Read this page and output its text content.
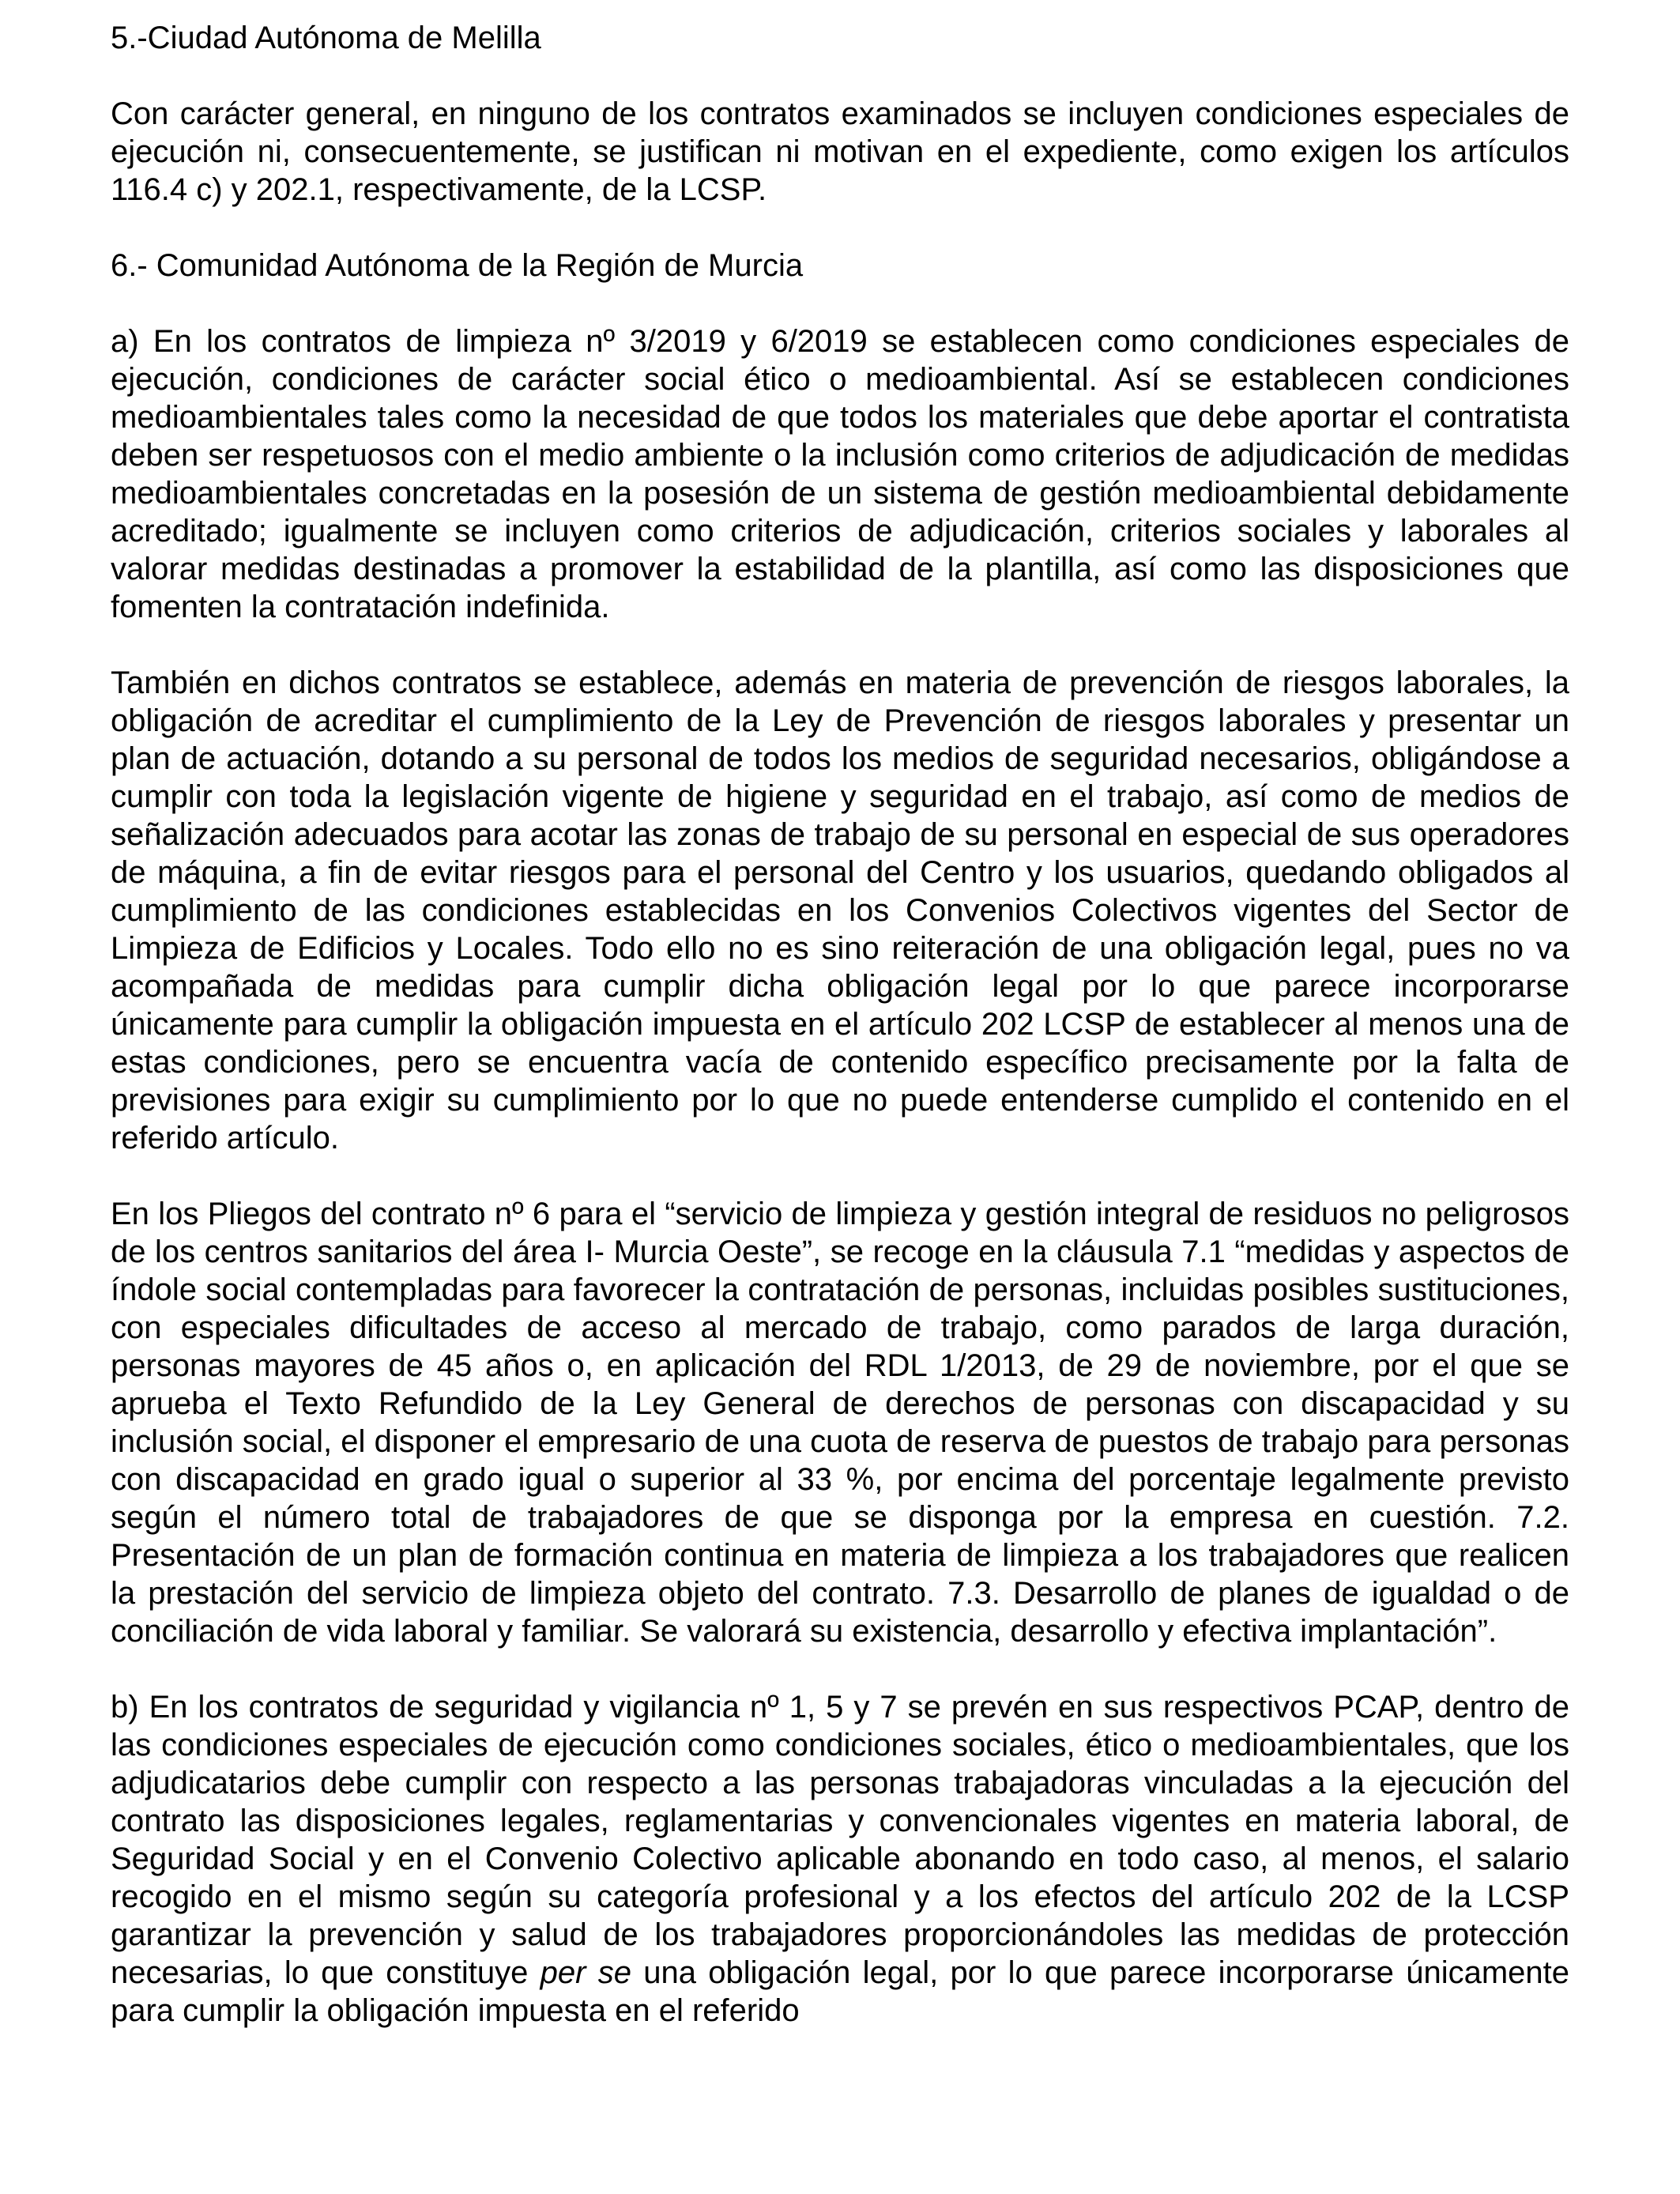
5.-Ciudad Autónoma de Melilla

Con carácter general, en ninguno de los contratos examinados se incluyen condiciones especiales de ejecución ni, consecuentemente, se justifican ni motivan en el expediente, como exigen los artículos 116.4 c) y 202.1, respectivamente, de la LCSP.

6.- Comunidad Autónoma de la Región de Murcia

a) En los contratos de limpieza nº 3/2019 y 6/2019 se establecen como condiciones especiales de ejecución, condiciones de carácter social ético o medioambiental. Así se establecen condiciones medioambientales tales como la necesidad de que todos los materiales que debe aportar el contratista deben ser respetuosos con el medio ambiente o la inclusión como criterios de adjudicación de medidas medioambientales concretadas en la posesión de un sistema de gestión medioambiental debidamente acreditado; igualmente se incluyen como criterios de adjudicación, criterios sociales y laborales al valorar medidas destinadas a promover la estabilidad de la plantilla, así como las disposiciones que fomenten la contratación indefinida.

También en dichos contratos se establece, además en materia de prevención de riesgos laborales, la obligación de acreditar el cumplimiento de la Ley de Prevención de riesgos laborales y presentar un plan de actuación, dotando a su personal de todos los medios de seguridad necesarios, obligándose a cumplir con toda la legislación vigente de higiene y seguridad en el trabajo, así como de medios de señalización adecuados para acotar las zonas de trabajo de su personal en especial de sus operadores de máquina, a fin de evitar riesgos para el personal del Centro y los usuarios, quedando obligados al cumplimiento de las condiciones establecidas en los Convenios Colectivos vigentes del Sector de Limpieza de Edificios y Locales. Todo ello no es sino reiteración de una obligación legal, pues no va acompañada de medidas para cumplir dicha obligación legal por lo que parece incorporarse únicamente para cumplir la obligación impuesta en el artículo 202 LCSP de establecer al menos una de estas condiciones, pero se encuentra vacía de contenido específico precisamente por la falta de previsiones para exigir su cumplimiento por lo que no puede entenderse cumplido el contenido en el referido artículo.

En los Pliegos del contrato nº 6 para el “servicio de limpieza y gestión integral de residuos no peligrosos de los centros sanitarios del área I- Murcia Oeste”, se recoge en la cláusula 7.1 “medidas y aspectos de índole social contempladas para favorecer la contratación de personas, incluidas posibles sustituciones, con especiales dificultades de acceso al mercado de trabajo, como parados de larga duración, personas mayores de 45 años o, en aplicación del RDL 1/2013, de 29 de noviembre, por el que se aprueba el Texto Refundido de la Ley General de derechos de personas con discapacidad y su inclusión social, el disponer el empresario de una cuota de reserva de puestos de trabajo para personas con discapacidad en grado igual o superior al 33 %, por encima del porcentaje legalmente previsto según el número total de trabajadores de que se disponga por la empresa en cuestión. 7.2. Presentación de un plan de formación continua en materia de limpieza a los trabajadores que realicen la prestación del servicio de limpieza objeto del contrato. 7.3. Desarrollo de planes de igualdad o de conciliación de vida laboral y familiar. Se valorará su existencia, desarrollo y efectiva implantación”.

b) En los contratos de seguridad y vigilancia nº 1, 5 y 7 se prevén en sus respectivos PCAP, dentro de las condiciones especiales de ejecución como condiciones sociales, ético o medioambientales, que los adjudicatarios debe cumplir con respecto a las personas trabajadoras vinculadas a la ejecución del contrato las disposiciones legales, reglamentarias y convencionales vigentes en materia laboral, de Seguridad Social y en el Convenio Colectivo aplicable abonando en todo caso, al menos, el salario recogido en el mismo según su categoría profesional y a los efectos del artículo 202 de la LCSP garantizar la prevención y salud de los trabajadores proporcionándoles las medidas de protección necesarias, lo que constituye per se una obligación legal, por lo que parece incorporarse únicamente para cumplir la obligación impuesta en el referido
